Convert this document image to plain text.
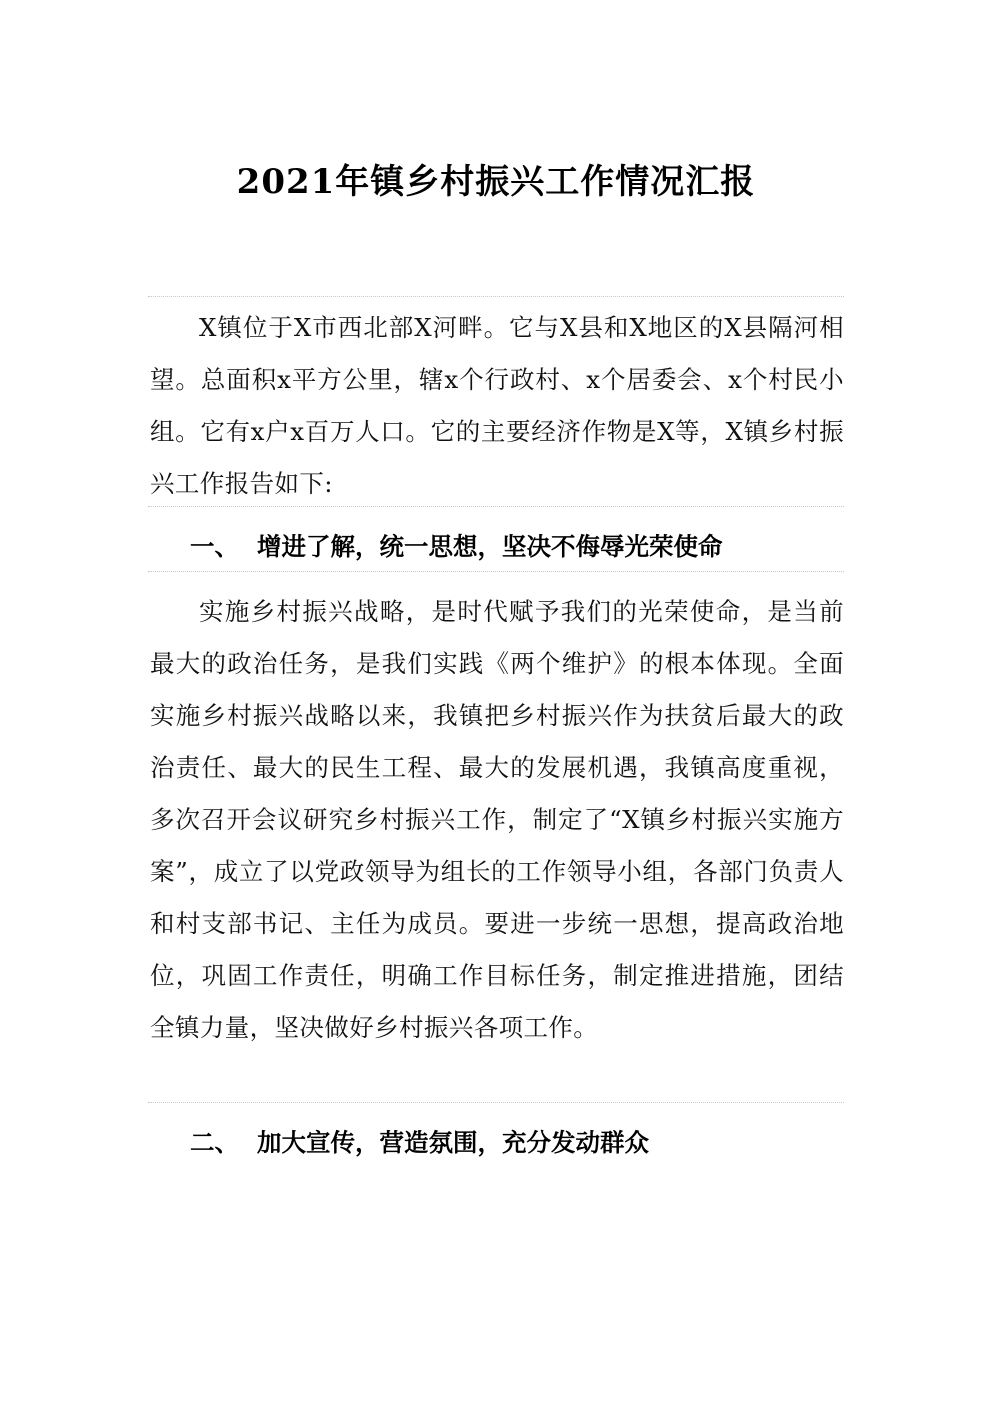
2021年镇乡村振兴工作情况汇报

X镇位于X市西北部X河畔。它与X县和X地区的X县隔河相望。总面积x平方公里，辖x个行政村、x个居委会、x个村民小组。它有x户x百万人口。它的主要经济作物是X等，X镇乡村振兴工作报告如下:

一、 增进了解，统一思想，坚决不侮辱光荣使命

实施乡村振兴战略，是时代赋予我们的光荣使命，是当前最大的政治任务，是我们实践《两个维护》的根本体现。全面实施乡村振兴战略以来，我镇把乡村振兴作为扶贫后最大的政治责任、最大的民生工程、最大的发展机遇，我镇高度重视，多次召开会议研究乡村振兴工作，制定了“X镇乡村振兴实施方案”，成立了以党政领导为组长的工作领导小组，各部门负责人和村支部书记、主任为成员。要进一步统一思想，提高政治地位，巩固工作责任，明确工作目标任务，制定推进措施，团结全镇力量，坚决做好乡村振兴各项工作。

二、 加大宣传，营造氛围，充分发动群众
